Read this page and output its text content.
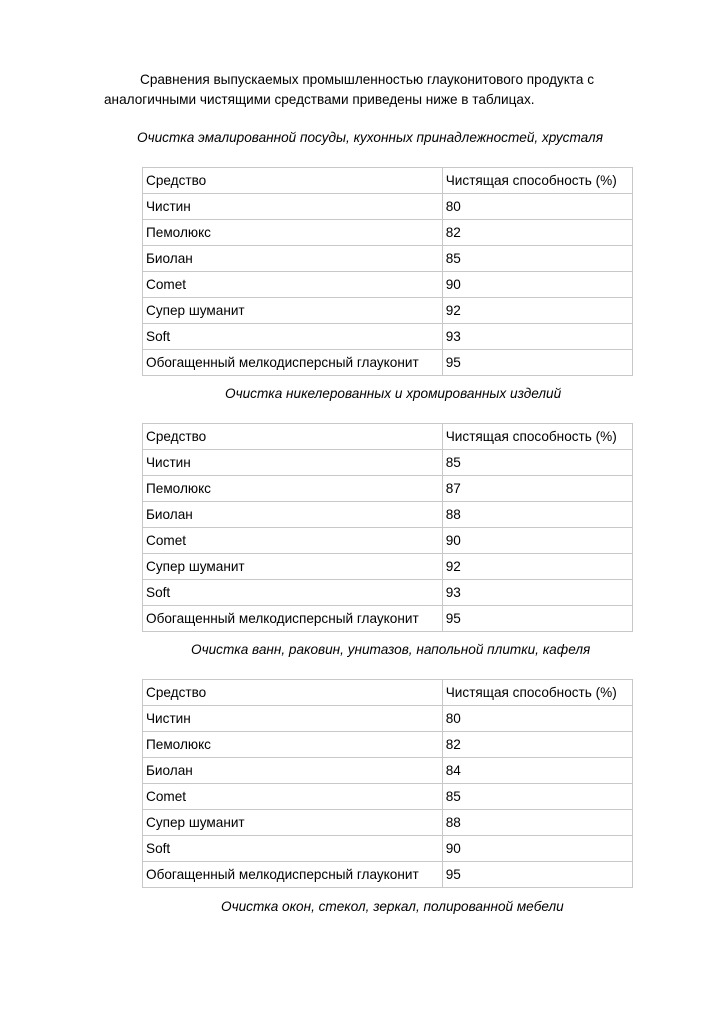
Сравнения выпускаемых промышленностью глауконитового продукта с
аналогичными чистящими средствами приведены ниже в таблицах.
Очистка эмалированной посуды, кухонных принадлежностей, хрусталя
Средство	Чистящая способность (%)
Чистин	80
Пемолюкс	82
Биолан	85
Comet	90
Супер шуманит	92
Soft	93
Обогащенный мелкодисперсный глауконит	95
Очистка никелерованных и хромированных изделий
Средство	Чистящая способность (%)
Чистин	85
Пемолюкс	87
Биолан	88
Comet	90
Супер шуманит	92
Soft	93
Обогащенный мелкодисперсный глауконит	95
Очистка ванн, раковин, унитазов, напольной плитки, кафеля
Средство	Чистящая способность (%)
Чистин	80
Пемолюкс	82
Биолан	84
Comet	85
Супер шуманит	88
Soft	90
Обогащенный мелкодисперсный глауконит	95
Очистка окон, стекол, зеркал, полированной мебели
